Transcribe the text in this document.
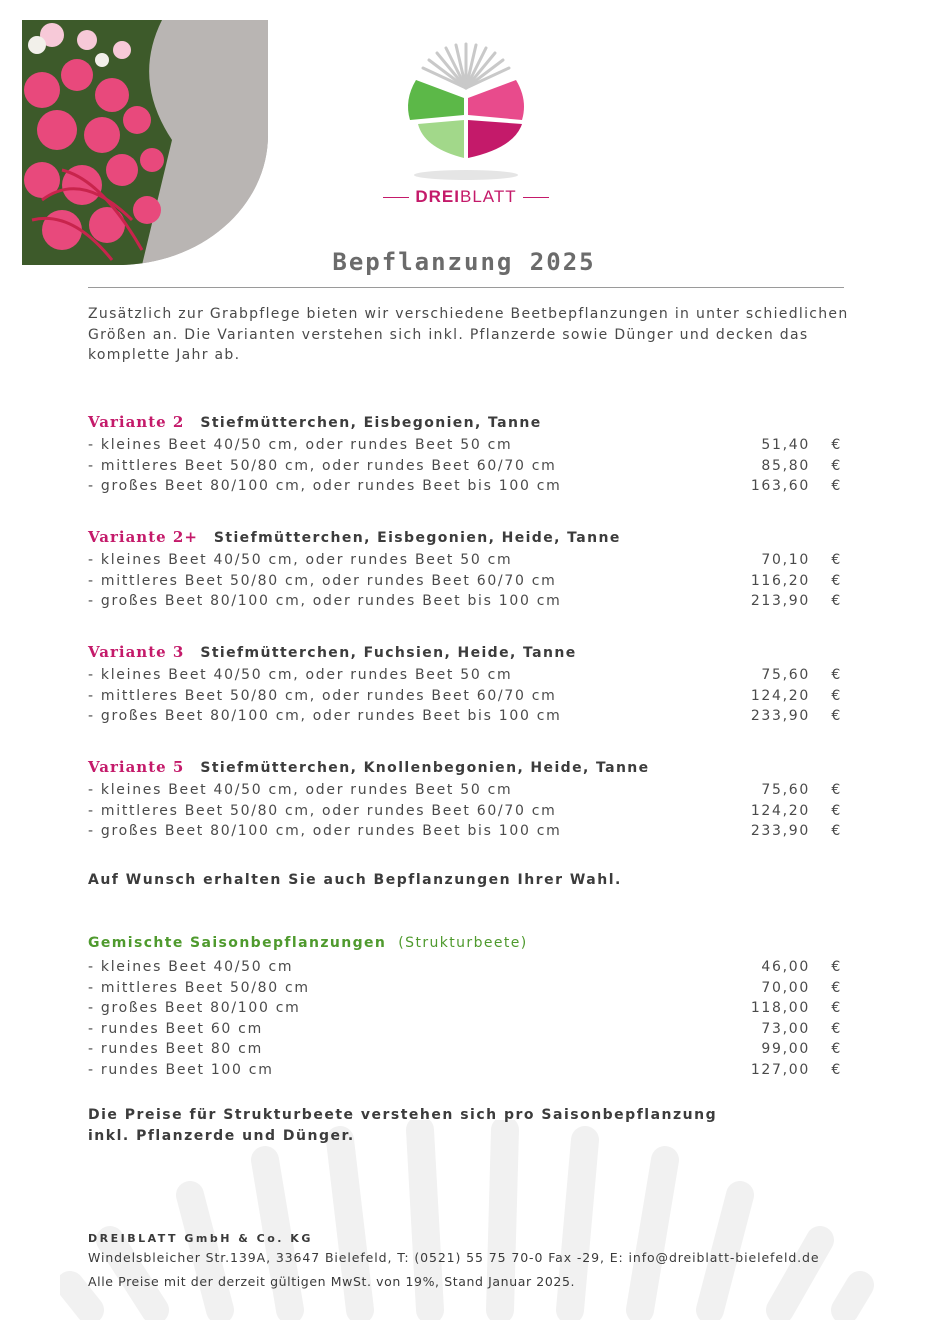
DREIBLATT
Bepflanzung 2025
Zusätzlich zur Grabpflege bieten wir verschiedene Beetbepflanzungen in unter schiedlichen Größen an. Die Varianten verstehen sich inkl. Pflanzerde sowie Dünger und decken das komplette Jahr ab.
Variante 2 Stiefmütterchen, Eisbegonien, Tanne
- kleines Beet 40/50 cm, oder rundes Beet 50 cm	51,40 €
- mittleres Beet 50/80 cm, oder rundes Beet 60/70 cm	85,80 €
- großes Beet 80/100 cm, oder rundes Beet bis 100 cm	163,60 €
Variante 2+ Stiefmütterchen, Eisbegonien, Heide, Tanne
- kleines Beet 40/50 cm, oder rundes Beet 50 cm	70,10 €
- mittleres Beet 50/80 cm, oder rundes Beet 60/70 cm	116,20 €
- großes Beet 80/100 cm, oder rundes Beet bis 100 cm	213,90 €
Variante 3 Stiefmütterchen, Fuchsien, Heide, Tanne
- kleines Beet 40/50 cm, oder rundes Beet 50 cm	75,60 €
- mittleres Beet 50/80 cm, oder rundes Beet 60/70 cm	124,20 €
- großes Beet 80/100 cm, oder rundes Beet bis 100 cm	233,90 €
Variante 5 Stiefmütterchen, Knollenbegonien, Heide, Tanne
- kleines Beet 40/50 cm, oder rundes Beet 50 cm	75,60 €
- mittleres Beet 50/80 cm, oder rundes Beet 60/70 cm	124,20 €
- großes Beet 80/100 cm, oder rundes Beet bis 100 cm	233,90 €
Auf Wunsch erhalten Sie auch Bepflanzungen Ihrer Wahl.
Gemischte Saisonbepflanzungen (Strukturbeete)
- kleines Beet 40/50 cm	46,00 €
- mittleres Beet 50/80 cm	70,00 €
- großes Beet 80/100 cm	118,00 €
- rundes Beet 60 cm	73,00 €
- rundes Beet 80 cm	99,00 €
- rundes Beet 100 cm	127,00 €
Die Preise für Strukturbeete verstehen sich pro Saisonbepflanzung
inkl. Pflanzerde und Dünger.
DREIBLATT GmbH & Co. KG
Windelsbleicher Str.139A, 33647 Bielefeld, T: (0521) 55 75 70-0 Fax -29, E: info@dreiblatt-bielefeld.de
Alle Preise mit der derzeit gültigen MwSt. von 19%, Stand Januar 2025.
